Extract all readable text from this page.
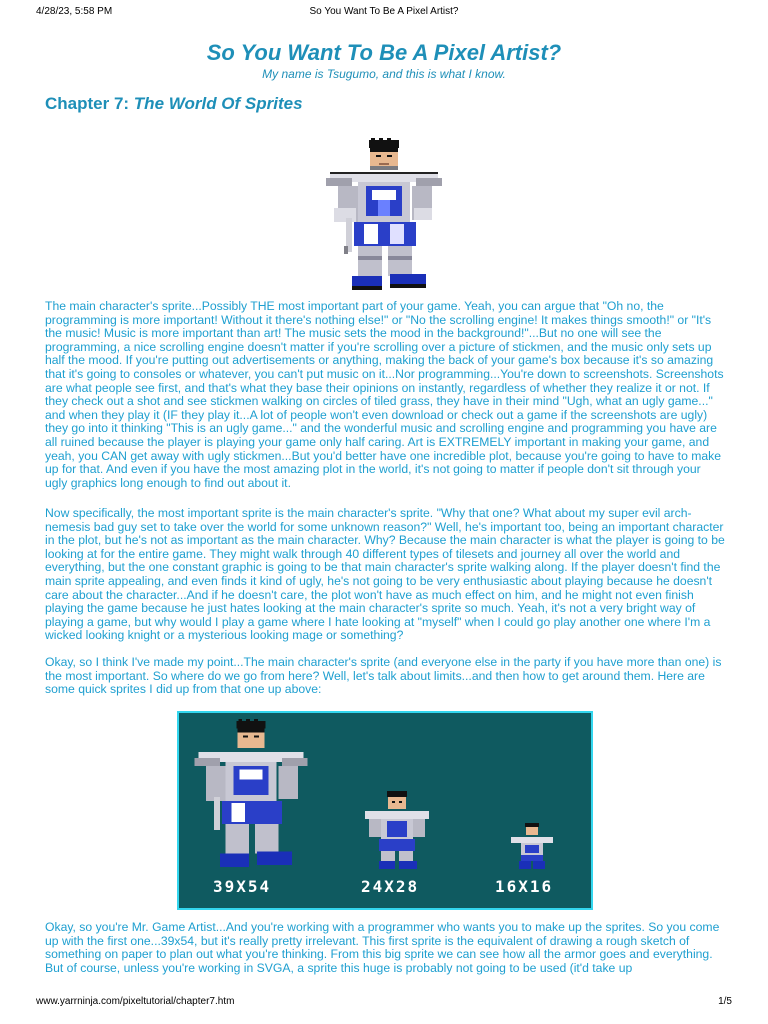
4/28/23, 5:58 PM	So You Want To Be A Pixel Artist?
So You Want To Be A Pixel Artist?
My name is Tsugumo, and this is what I know.
Chapter 7: The World Of Sprites

The main character's sprite...Possibly THE most important part of your game. Yeah, you can argue that "Oh no, the programming is more important! Without it there's nothing else!" or "No the scrolling engine! It makes things smooth!" or "It's the music! Music is more important than art! The music sets the mood in the background!"...But no one will see the programming, a nice scrolling engine doesn't matter if you're scrolling over a picture of stickmen, and the music only sets up half the mood. If you're putting out advertisements or anything, making the back of your game's box because it's so amazing that it's going to consoles or whatever, you can't put music on it...Nor programming...You're down to screenshots. Screenshots are what people see first, and that's what they base their opinions on instantly, regardless of whether they realize it or not. If they check out a shot and see stickmen walking on circles of tiled grass, they have in their mind "Ugh, what an ugly game..." and when they play it (IF they play it...A lot of people won't even download or check out a game if the screenshots are ugly) they go into it thinking "This is an ugly game..." and the wonderful music and scrolling engine and programming you have are all ruined because the player is playing your game only half caring. Art is EXTREMELY important in making your game, and yeah, you CAN get away with ugly stickmen...But you'd better have one incredible plot, because you're going to have to make up for that. And even if you have the most amazing plot in the world, it's not going to matter if people don't sit through your ugly graphics long enough to find out about it.

Now specifically, the most important sprite is the main character's sprite. "Why that one? What about my super evil arch-nemesis bad guy set to take over the world for some unknown reason?" Well, he's important too, being an important character in the plot, but he's not as important as the main character. Why? Because the main character is what the player is going to be looking at for the entire game. They might walk through 40 different types of tilesets and journey all over the world and everything, but the one constant graphic is going to be that main character's sprite walking along. If the player doesn't find the main sprite appealing, and even finds it kind of ugly, he's not going to be very enthusiastic about playing because he doesn't care about the character...And if he doesn't care, the plot won't have as much effect on him, and he might not even finish playing the game because he just hates looking at the main character's sprite so much. Yeah, it's not a very bright way of playing a game, but why would I play a game where I hate looking at "myself" when I could go play another one where I'm a wicked looking knight or a mysterious looking mage or something?

Okay, so I think I've made my point...The main character's sprite (and everyone else in the party if you have more than one) is the most important. So where do we go from here? Well, let's talk about limits...and then how to get around them. Here are some quick sprites I did up from that one up above:

39X54	24X28	16X16

Okay, so you're Mr. Game Artist...And you're working with a programmer who wants you to make up the sprites. So you come up with the first one...39x54, but it's really pretty irrelevant. This first sprite is the equivalent of drawing a rough sketch of something on paper to plan out what you're thinking. From this big sprite we can see how all the armor goes and everything. But of course, unless you're working in SVGA, a sprite this huge is probably not going to be used (it'd take up

www.yarrninja.com/pixeltutorial/chapter7.htm	1/5
